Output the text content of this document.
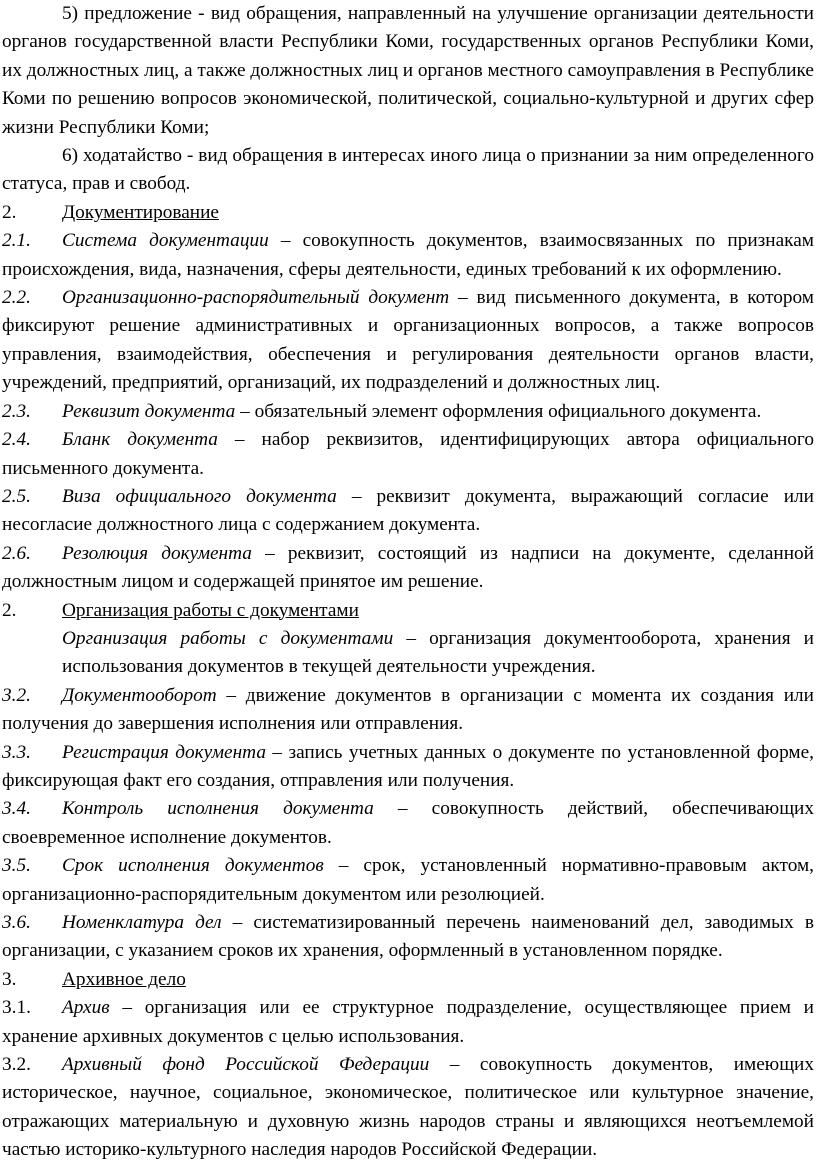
5) предложение - вид обращения, направленный на улучшение организации деятельности органов государственной власти Республики Коми, государственных органов Республики Коми, их должностных лиц, а также должностных лиц и органов местного самоуправления в Республике Коми по решению вопросов экономической, политической, социально-культурной и других сфер жизни Республики Коми;

6) ходатайство - вид обращения в интересах иного лица о признании за ним определенного статуса, прав и свобод.

2. Документирование

2.1. Система документации – совокупность документов, взаимосвязанных по признакам происхождения, вида, назначения, сферы деятельности, единых требований к их оформлению.

2.2. Организационно-распорядительный документ – вид письменного документа, в котором фиксируют решение административных и организационных вопросов, а также вопросов управления, взаимодействия, обеспечения и регулирования деятельности органов власти, учреждений, предприятий, организаций, их подразделений и должностных лиц.

2.3. Реквизит документа – обязательный элемент оформления официального документа.

2.4. Бланк документа – набор реквизитов, идентифицирующих автора официального письменного документа.

2.5. Виза официального документа – реквизит документа, выражающий согласие или несогласие должностного лица с содержанием документа.

2.6. Резолюция документа – реквизит, состоящий из надписи на документе, сделанной должностным лицом и содержащей принятое им решение.

2. Организация работы с документами

Организация работы с документами – организация документооборота, хранения и использования документов в текущей деятельности учреждения.

3.2. Документооборот – движение документов в организации с момента их создания или получения до завершения исполнения или отправления.

3.3. Регистрация документа – запись учетных данных о документе по установленной форме, фиксирующая факт его создания, отправления или получения.

3.4. Контроль исполнения документа – совокупность действий, обеспечивающих своевременное исполнение документов.

3.5. Срок исполнения документов – срок, установленный нормативно-правовым актом, организационно-распорядительным документом или резолюцией.

3.6. Номенклатура дел – систематизированный перечень наименований дел, заводимых в организации, с указанием сроков их хранения, оформленный в установленном порядке.

3. Архивное дело

3.1. Архив – организация или ее структурное подразделение, осуществляющее прием и хранение архивных документов с целью использования.

3.2. Архивный фонд Российской Федерации – совокупность документов, имеющих историческое, научное, социальное, экономическое, политическое или культурное значение, отражающих материальную и духовную жизнь народов страны и являющихся неотъемлемой частью историко-культурного наследия народов Российской Федерации.
